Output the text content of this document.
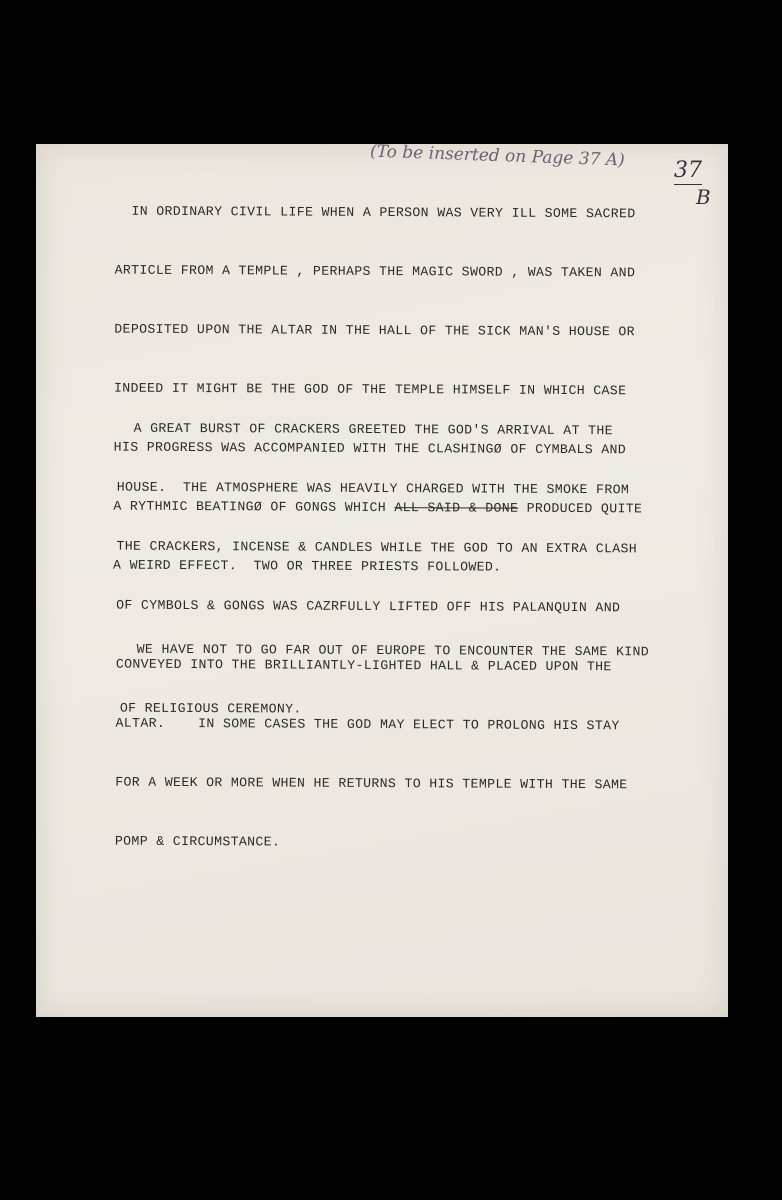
(To be inserted on Page 37 A)
37
B

IN ORDINARY CIVIL LIFE WHEN A PERSON WAS VERY ILL SOME SACRED

ARTICLE FROM A TEMPLE , PERHAPS THE MAGIC SWORD , WAS TAKEN AND

DEPOSITED UPON THE ALTAR IN THE HALL OF THE SICK MAN'S HOUSE OR

INDEED IT MIGHT BE THE GOD OF THE TEMPLE HIMSELF IN WHICH CASE

HIS PROGRESS WAS ACCOMPANIED WITH THE CLASHINGØ OF CYMBALS AND

A RYTHMIC BEATINGØ OF GONGS WHICH ALL SAID & DONE PRODUCED QUITE

A WEIRD EFFECT.  TWO OR THREE PRIESTS FOLLOWED.

A GREAT BURST OF CRACKERS GREETED THE GOD'S ARRIVAL AT THE

HOUSE.  THE ATMOSPHERE WAS HEAVILY CHARGED WITH THE SMOKE FROM

THE CRACKERS, INCENSE & CANDLES WHILE THE GOD TO AN EXTRA CLASH

OF CYMBOLS & GONGS WAS CAZRFULLY LIFTED OFF HIS PALANQUIN AND

CONVEYED INTO THE BRILLIANTLY-LIGHTED HALL & PLACED UPON THE

ALTAR.    IN SOME CASES THE GOD MAY ELECT TO PROLONG HIS STAY

FOR A WEEK OR MORE WHEN HE RETURNS TO HIS TEMPLE WITH THE SAME

POMP & CIRCUMSTANCE.

WE HAVE NOT TO GO FAR OUT OF EUROPE TO ENCOUNTER THE SAME KIND

OF RELIGIOUS CEREMONY.
